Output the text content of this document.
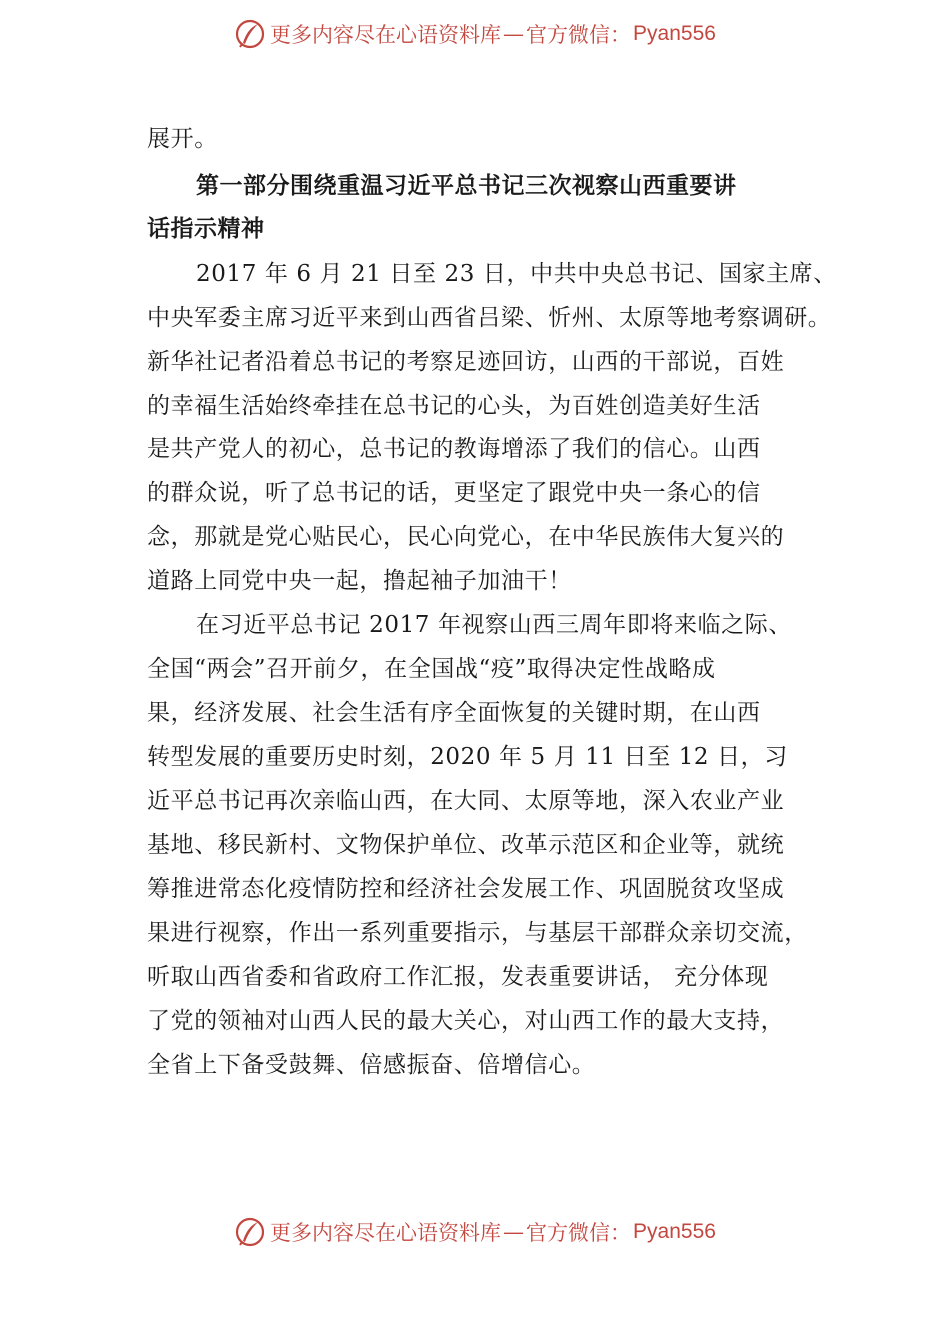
更多内容尽在心语资料库 — 官方微信： Pyan556
展开。
第一部分围绕重温习近平总书记三次视察山西重要讲
话指示精神
2017 年 6 月 21 日至 23 日，中共中央总书记、国家主席、
中央军委主席习近平来到山西省吕梁、忻州、太原等地考察调研。
新华社记者沿着总书记的考察足迹回访，山西的干部说，百姓
的幸福生活始终牵挂在总书记的心头，为百姓创造美好生活
是共产党人的初心，总书记的教诲增添了我们的信心。山西
的群众说，听了总书记的话，更坚定了跟党中央一条心的信
念，那就是党心贴民心，民心向党心，在中华民族伟大复兴的
道路上同党中央一起，撸起袖子加油干！
在习近平总书记 2017 年视察山西三周年即将来临之际、
全国“两会”召开前夕，在全国战“疫”取得决定性战略成
果，经济发展、社会生活有序全面恢复的关键时期，在山西
转型发展的重要历史时刻，2020 年 5 月 11 日至 12 日，习
近平总书记再次亲临山西，在大同、太原等地，深入农业产业
基地、移民新村、文物保护单位、改革示范区和企业等，就统
筹推进常态化疫情防控和经济社会发展工作、巩固脱贫攻坚成
果进行视察，作出一系列重要指示，与基层干部群众亲切交流，
听取山西省委和省政府工作汇报，发表重要讲话， 充分体现
了党的领袖对山西人民的最大关心，对山西工作的最大支持，
全省上下备受鼓舞、倍感振奋、倍增信心。
更多内容尽在心语资料库 — 官方微信： Pyan556
